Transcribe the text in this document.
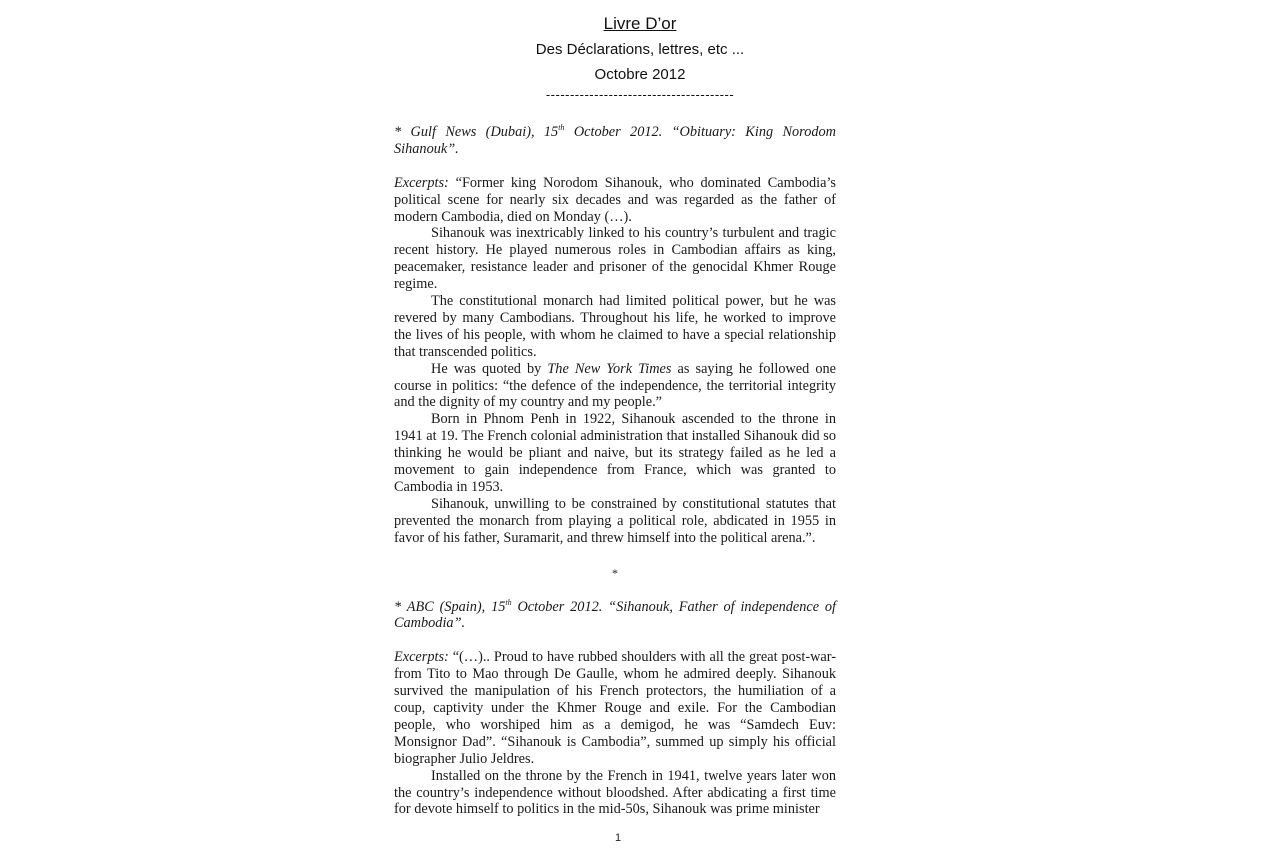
Livre D’or
Des Déclarations, lettres, etc ...
Octobre 2012
---------------------------------------

* Gulf News (Dubai), 15th October 2012. “Obituary: King Norodom Sihanouk”.

Excerpts: “Former king Norodom Sihanouk, who dominated Cambodia’s political scene for nearly six decades and was regarded as the father of modern Cambodia, died on Monday (…).

Sihanouk was inextricably linked to his country’s turbulent and tragic recent history. He played numerous roles in Cambodian affairs as king, peacemaker, resistance leader and prisoner of the genocidal Khmer Rouge regime.

The constitutional monarch had limited political power, but he was revered by many Cambodians. Throughout his life, he worked to improve the lives of his people, with whom he claimed to have a special relationship that transcended politics.

He was quoted by The New York Times as saying he followed one course in politics: “the defence of the independence, the territorial integrity and the dignity of my country and my people.”

Born in Phnom Penh in 1922, Sihanouk ascended to the throne in 1941 at 19. The French colonial administration that installed Sihanouk did so thinking he would be pliant and naive, but its strategy failed as he led a movement to gain independence from France, which was granted to Cambodia in 1953.

Sihanouk, unwilling to be constrained by constitutional statutes that prevented the monarch from playing a political role, abdicated in 1955 in favor of his father, Suramarit, and threw himself into the political arena.”.

*

* ABC (Spain), 15th October 2012. “Sihanouk, Father of independence of Cambodia”.

Excerpts: “(…).. Proud to have rubbed shoulders with all the great post-war-from Tito to Mao through De Gaulle, whom he admired deeply. Sihanouk survived the manipulation of his French protectors, the humiliation of a coup, captivity under the Khmer Rouge and exile. For the Cambodian people, who worshiped him as a demigod, he was “Samdech Euv: Monsignor Dad”. “Sihanouk is Cambodia”, summed up simply his official biographer Julio Jeldres.

Installed on the throne by the French in 1941, twelve years later won the country’s independence without bloodshed. After abdicating a first time for devote himself to politics in the mid-50s, Sihanouk was prime minister

1
